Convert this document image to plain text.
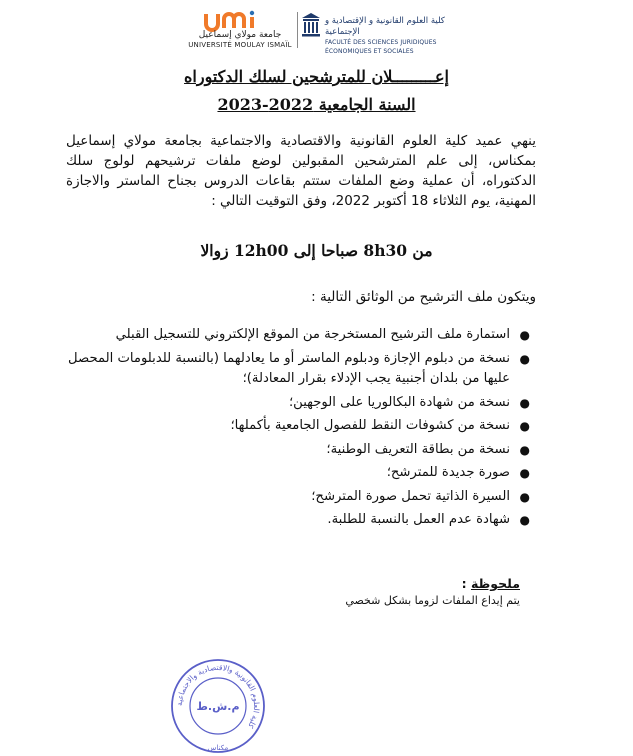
جامعة مولاي إسماعيل
UNIVERSITÉ MOULAY ISMAÏL
كلية العلوم القانونية و الإقتصادية و الإجتماعية
FACULTÉ DES SCIENCES JURIDIQUES ÉCONOMIQUES ET SOCIALES
إعـــــــــلان للمترشحين لسلك الدكتوراه
السنة الجامعية 2022-2023
ينهي عميد كلية العلوم القانونية والاقتصادية والاجتماعية بجامعة مولاي إسماعيل بمكناس، إلى علم المترشحين المقبولين لوضع ملفات ترشيحهم لولوج سلك الدكتوراه، أن عملية وضع الملفات ستتم بقاعات الدروس بجناح الماستر والاجازة المهنية، يوم الثلاثاء 18 أكتوبر 2022، وفق التوقيت التالي :
من 8h30 صباحا إلى 12h00 زوالا
ويتكون ملف الترشيح من الوثائق التالية :
●
استمارة ملف الترشيح المستخرجة من الموقع الإلكتروني للتسجيل القبلي
●
نسخة من دبلوم الإجازة ودبلوم الماستر أو ما يعادلهما (بالنسبة للدبلومات المحصل عليها من بلدان أجنبية يجب الإدلاء بقرار المعادلة)؛
●
نسخة من شهادة البكالوريا على الوجهين؛
●
نسخة من كشوفات النقط للفصول الجامعية بأكملها؛
●
نسخة من بطاقة التعريف الوطنية؛
●
صورة جديدة للمترشح؛
●
السيرة الذاتية تحمل صورة المترشح؛
●
شهادة عدم العمل بالنسبة للطلبة.
ملحوظة :
يتم إيداع الملفات لزوما بشكل شخصي
كلية العلوم القانونية والاقتصادية والاجتماعية
م.ش.ط
مكناس
